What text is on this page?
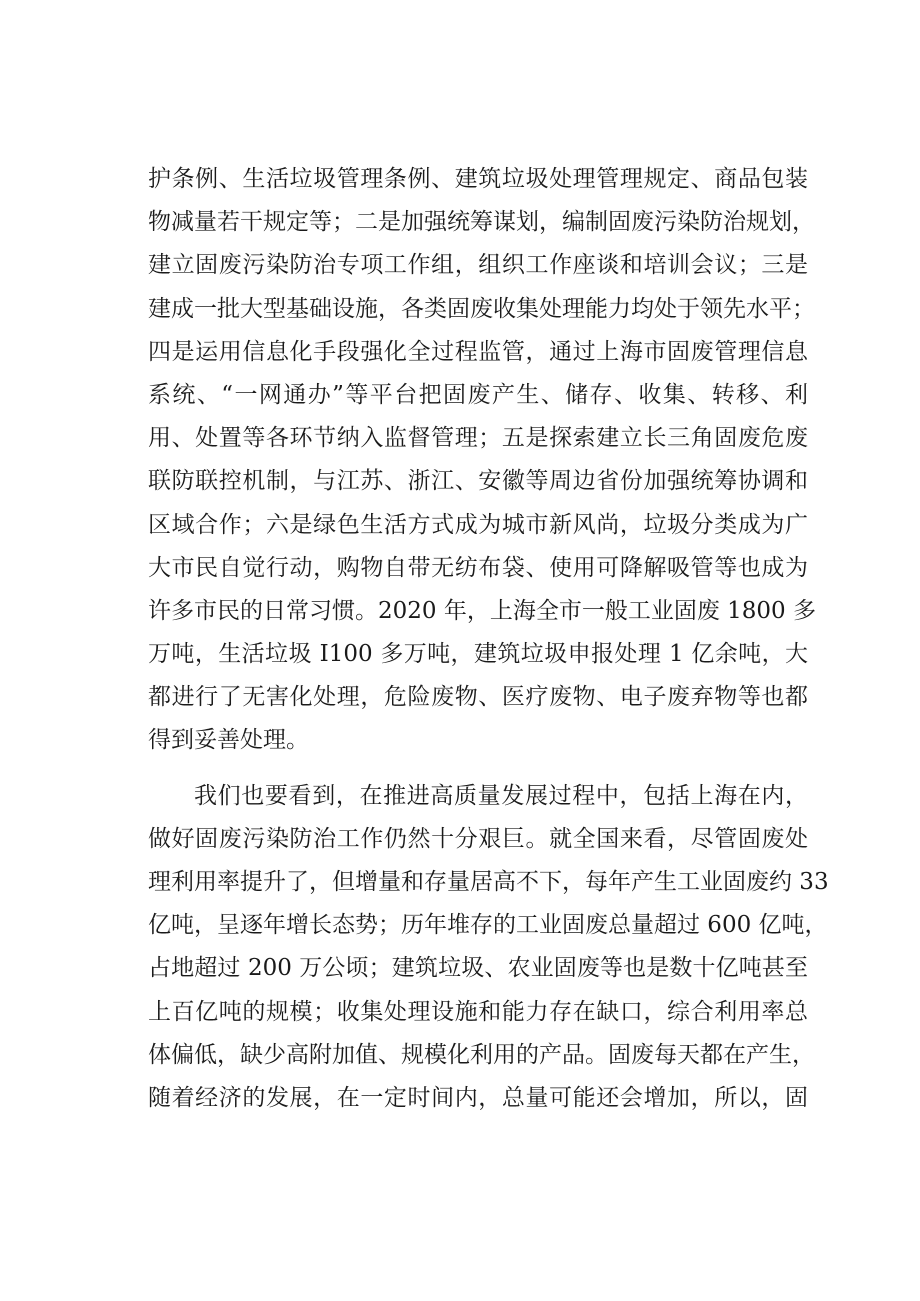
护条例、生活垃圾管理条例、建筑垃圾处理管理规定、商品包装
物减量若干规定等；二是加强统筹谋划，编制固废污染防治规划，
建立固废污染防治专项工作组，组织工作座谈和培训会议；三是
建成一批大型基础设施，各类固废收集处理能力均处于领先水平；
四是运用信息化手段强化全过程监管，通过上海市固废管理信息
系统、“一网通办”等平台把固废产生、储存、收集、转移、利
用、处置等各环节纳入监督管理；五是探索建立长三角固废危废
联防联控机制，与江苏、浙江、安徽等周边省份加强统筹协调和
区域合作；六是绿色生活方式成为城市新风尚，垃圾分类成为广
大市民自觉行动，购物自带无纺布袋、使用可降解吸管等也成为
许多市民的日常习惯。2020 年，上海全市一般工业固废 1800 多
万吨，生活垃圾 I100 多万吨，建筑垃圾申报处理 1 亿余吨，大
都进行了无害化处理，危险废物、医疗废物、电子废弃物等也都
得到妥善处理。
我们也要看到，在推进高质量发展过程中，包括上海在内，
做好固废污染防治工作仍然十分艰巨。就全国来看，尽管固废处
理利用率提升了，但增量和存量居高不下，每年产生工业固废约 33
亿吨，呈逐年增长态势；历年堆存的工业固废总量超过 600 亿吨，
占地超过 200 万公顷；建筑垃圾、农业固废等也是数十亿吨甚至
上百亿吨的规模；收集处理设施和能力存在缺口，综合利用率总
体偏低，缺少高附加值、规模化利用的产品。固废每天都在产生，
随着经济的发展，在一定时间内，总量可能还会增加，所以，固
